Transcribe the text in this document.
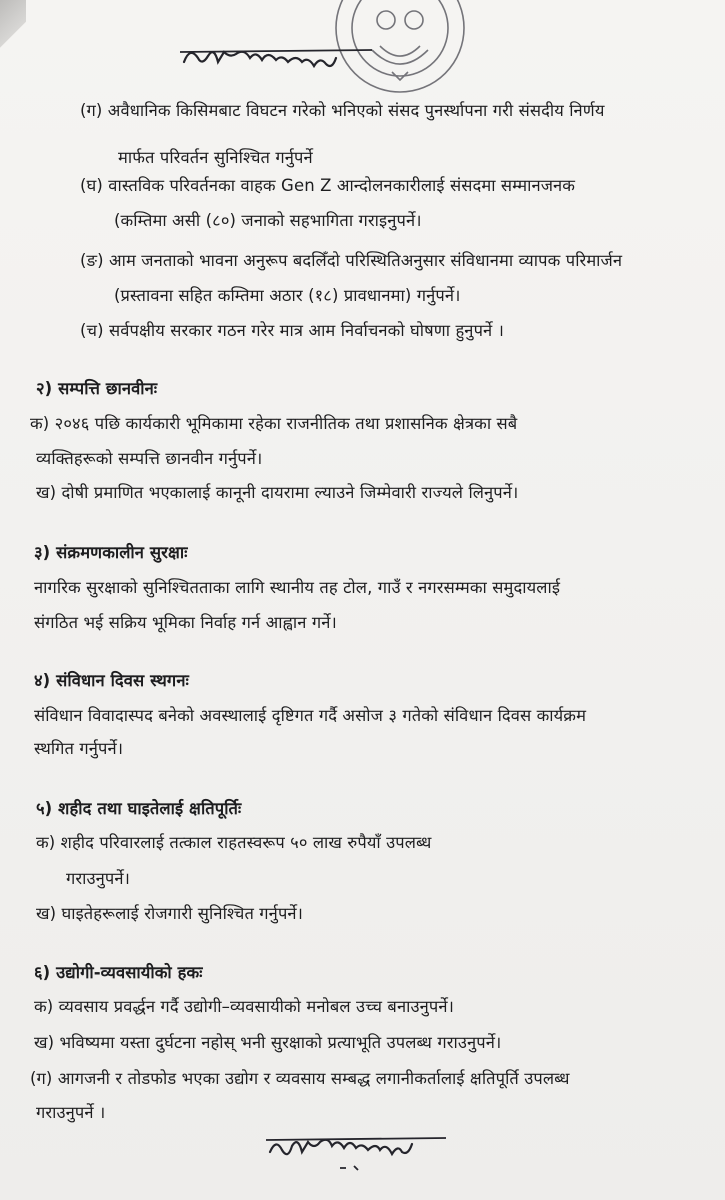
(ग) अवैधानिक किसिमबाट विघटन गरेको भनिएको संसद पुनर्स्थापना गरी संसदीय निर्णय
मार्फत परिवर्तन सुनिश्चित गर्नुपर्ने
(घ) वास्तविक परिवर्तनका वाहक Gen Z आन्दोलनकारीलाई संसदमा सम्मानजनक
(कम्तिमा असी (८०) जनाको सहभागिता गराइनुपर्ने।
(ङ) आम जनताको भावना अनुरूप बदलिँदो परिस्थितिअनुसार संविधानमा व्यापक परिमार्जन
(प्रस्तावना सहित कम्तिमा अठार (१८) प्रावधानमा) गर्नुपर्ने।
(च) सर्वपक्षीय सरकार गठन गरेर मात्र आम निर्वाचनको घोषणा हुनुपर्ने ।
२) सम्पत्ति छानवीनः
क) २०४६ पछि कार्यकारी भूमिकामा रहेका राजनीतिक तथा प्रशासनिक क्षेत्रका सबै
व्यक्तिहरूको सम्पत्ति छानवीन गर्नुपर्ने।
ख) दोषी प्रमाणित भएकालाई कानूनी दायरामा ल्याउने जिम्मेवारी राज्यले लिनुपर्ने।
३) संक्रमणकालीन सुरक्षाः
नागरिक सुरक्षाको सुनिश्चितताका लागि स्थानीय तह टोल, गाउँ र नगरसम्मका समुदायलाई
संगठित भई सक्रिय भूमिका निर्वाह गर्न आह्वान गर्ने।
४) संविधान दिवस स्थगनः
संविधान विवादास्पद बनेको अवस्थालाई दृष्टिगत गर्दै असोज ३ गतेको संविधान दिवस कार्यक्रम
स्थगित गर्नुपर्ने।
५) शहीद तथा घाइतेलाई क्षतिपूर्तिः
क) शहीद परिवारलाई तत्काल राहतस्वरूप ५० लाख रुपैयाँ उपलब्ध
गराउनुपर्ने।
ख) घाइतेहरूलाई रोजगारी सुनिश्चित गर्नुपर्ने।
६) उद्योगी-व्यवसायीको हकः
क) व्यवसाय प्रवर्द्धन गर्दै उद्योगी–व्यवसायीको मनोबल उच्च बनाउनुपर्ने।
ख) भविष्यमा यस्ता दुर्घटना नहोस् भनी सुरक्षाको प्रत्याभूति उपलब्ध गराउनुपर्ने।
(ग) आगजनी र तोडफोड भएका उद्योग र व्यवसाय सम्बद्ध लगानीकर्तालाई क्षतिपूर्ति उपलब्ध
गराउनुपर्ने ।
